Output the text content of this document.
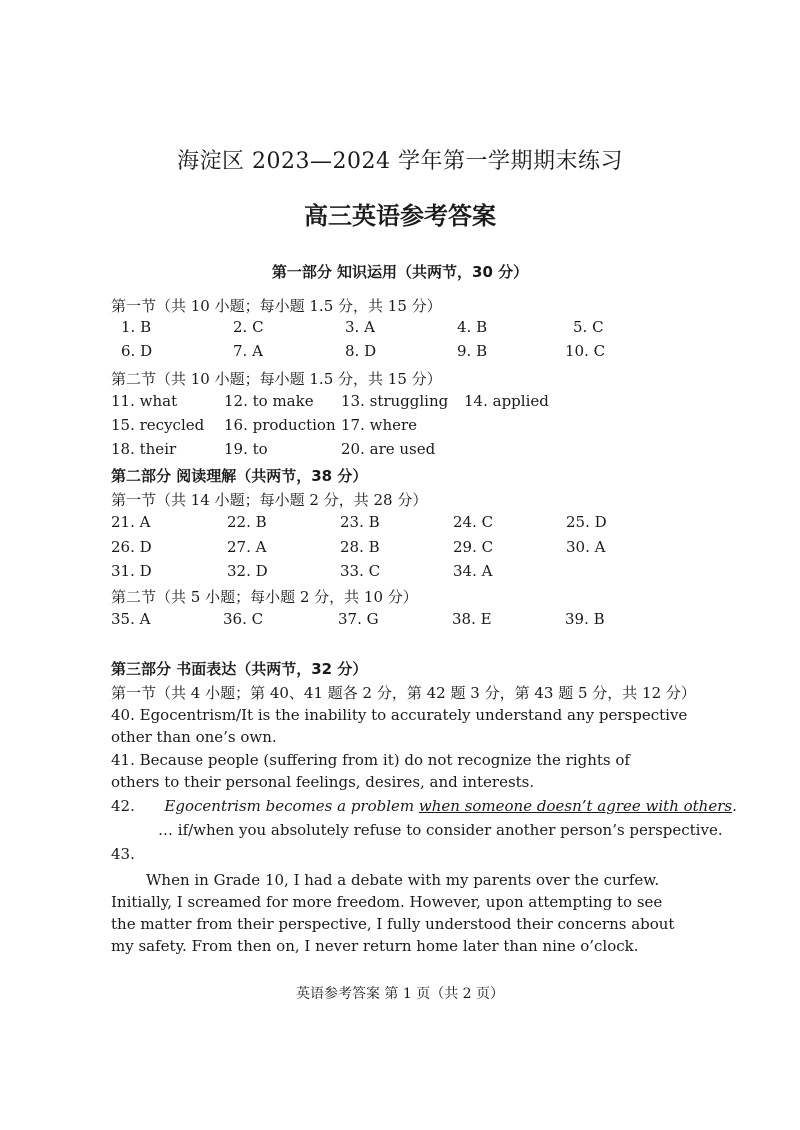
海淀区 2023—2024 学年第一学期期末练习
高三英语参考答案
第一部分 知识运用（共两节，30 分）
第一节（共 10 小题；每小题 1.5 分，共 15 分）
1. B	2. C	3. A	4. B	5. C
6. D	7. A	8. D	9. B	10. C
第二节（共 10 小题；每小题 1.5 分，共 15 分）
11. what	12. to make 13. struggling 14. applied
15. recycled 16. production 17. where
18. their	19. to	20. are used
第二部分 阅读理解（共两节，38 分）
第一节（共 14 小题；每小题 2 分，共 28 分）
21. A	22. B	23. B	24. C	25. D
26. D	27. A	28. B	29. C	30. A
31. D	32. D	33. C	34. A
第二节（共 5 小题；每小题 2 分，共 10 分）
35. A	36. C	37. G	38. E	39. B
第三部分 书面表达（共两节，32 分）
第一节（共 4 小题；第 40、41 题各 2 分，第 42 题 3 分，第 43 题 5 分，共 12 分）
40. Egocentrism/It is the inability to accurately understand any perspective other than one’s own.
41. Because people (suffering from it) do not recognize the rights of others to their personal feelings, desires, and interests.
42. Egocentrism becomes a problem when someone doesn’t agree with others.
… if/when you absolutely refuse to consider another person’s perspective.
43.
When in Grade 10, I had a debate with my parents over the curfew. Initially, I screamed for more freedom. However, upon attempting to see the matter from their perspective, I fully understood their concerns about my safety. From then on, I never return home later than nine o’clock.
英语参考答案 第 1 页（共 2 页）
